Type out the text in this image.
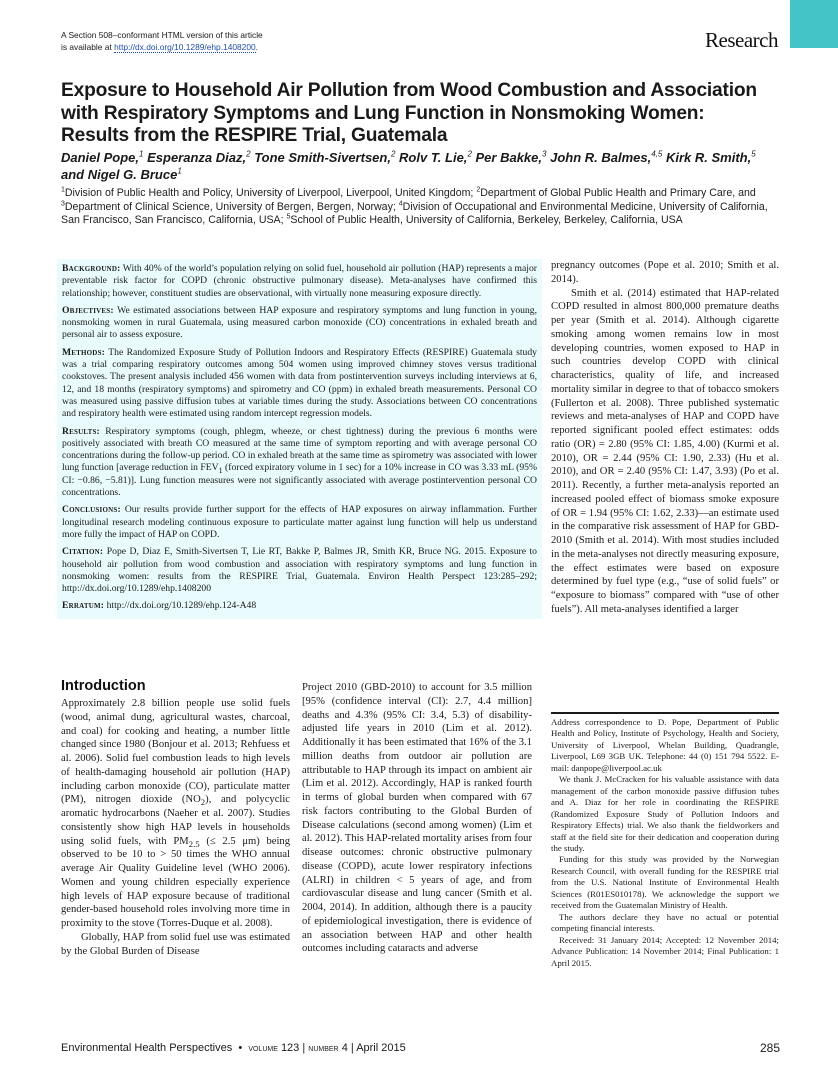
A Section 508–conformant HTML version of this article
is available at http://dx.doi.org/10.1289/ehp.1408200.	Research
Exposure to Household Air Pollution from Wood Combustion and Association with Respiratory Symptoms and Lung Function in Nonsmoking Women: Results from the RESPIRE Trial, Guatemala
Daniel Pope,$^1$ Esperanza Diaz,$^2$ Tone Smith-Sivertsen,$^2$ Rolv T. Lie,$^2$ Per Bakke,$^3$ John R. Balmes,$^{4,5}$ Kirk R. Smith,$^5$
and Nigel G. Bruce$^1$
$^1$Division of Public Health and Policy, University of Liverpool, Liverpool, United Kingdom; $^2$Department of Global Public Health and Primary Care, and $^3$Department of Clinical Science, University of Bergen, Bergen, Norway; $^4$Division of Occupational and Environmental Medicine, University of California, San Francisco, San Francisco, California, USA; $^5$School of Public Health, University of California, Berkeley, Berkeley, California, USA

Background: With 40% of the world’s population relying on solid fuel, household air pollution (HAP) represents a major preventable risk factor for COPD (chronic obstructive pulmonary disease). Meta-analyses have confirmed this relationship; however, constituent studies are observational, with virtually none measuring exposure directly.

Objectives: We estimated associations between HAP exposure and respiratory symptoms and lung function in young, nonsmoking women in rural Guatemala, using measured carbon monoxide (CO) concentrations in exhaled breath and personal air to assess exposure.

Methods: The Randomized Exposure Study of Pollution Indoors and Respiratory Effects (RESPIRE) Guatemala study was a trial comparing respiratory outcomes among 504 women using improved chimney stoves versus traditional cookstoves. The present analysis included 456 women with data from postintervention surveys including interviews at 6, 12, and 18 months (respiratory symptoms) and spirometry and CO (ppm) in exhaled breath measurements. Personal CO was measured using passive diffusion tubes at variable times during the study. Associations between CO concentrations and respiratory health were estimated using random intercept regression models.

Results: Respiratory symptoms (cough, phlegm, wheeze, or chest tightness) during the previous 6 months were positively associated with breath CO measured at the same time of symptom reporting and with average personal CO concentrations during the follow-up period. CO in exhaled breath at the same time as spirometry was associated with lower lung function [average reduction in $FEV_1$ (forced expiratory volume in 1 sec) for a 10% increase in CO was 3.33 mL (95% CI: −0.86, −5.81)]. Lung function measures were not significantly associated with average postintervention personal CO concentrations.

Conclusions: Our results provide further support for the effects of HAP exposures on airway inflammation. Further longitudinal research modeling continuous exposure to particulate matter against lung function will help us understand more fully the impact of HAP on COPD.

Citation: Pope D, Diaz E, Smith-Sivertsen T, Lie RT, Bakke P, Balmes JR, Smith KR, Bruce NG. 2015. Exposure to household air pollution from wood combustion and association with respiratory symptoms and lung function in nonsmoking women: results from the RESPIRE Trial, Guatemala. Environ Health Perspect 123:285–292; http://dx.doi.org/10.1289/ehp.1408200

Erratum: http://dx.doi.org/10.1289/ehp.124-A48

Introduction

Approximately 2.8 billion people use solid fuels (wood, animal dung, agricultural wastes, charcoal, and coal) for cooking and heating, a number little changed since 1980 (Bonjour et al. 2013; Rehfuess et al. 2006). Solid fuel combustion leads to high levels of health-damaging household air pollution (HAP) including carbon monoxide (CO), particulate matter (PM), nitrogen dioxide $(NO_2)$, and polycyclic aromatic hydrocarbons (Naeher et al. 2007). Studies consistently show high HAP levels in households using solid fuels, with $PM_{2.5}$ (≤ 2.5 μm) being observed to be 10 to > 50 times the WHO annual average Air Quality Guideline level (WHO 2006). Women and young children especially experience high levels of HAP exposure because of traditional gender-based household roles involving more time in proximity to the stove (Torres-Duque et al. 2008).

Globally, HAP from solid fuel use was estimated by the Global Burden of Disease

Project 2010 (GBD-2010) to account for 3.5 million [95% (confidence interval (CI): 2.7, 4.4 million] deaths and 4.3% (95% CI: 3.4, 5.3) of disability-adjusted life years in 2010 (Lim et al. 2012). Additionally it has been estimated that 16% of the 3.1 million deaths from outdoor air pollution are attributable to HAP through its impact on ambient air (Lim et al. 2012). Accordingly, HAP is ranked fourth in terms of global burden when compared with 67 risk factors contributing to the Global Burden of Disease calculations (second among women) (Lim et al. 2012). This HAP-related mortality arises from four disease outcomes: chronic obstructive pulmonary disease (COPD), acute lower respiratory infections (ALRI) in children < 5 years of age, and from cardiovascular disease and lung cancer (Smith et al. 2004, 2014). In addition, although there is a paucity of epidemiological investigation, there is evidence of an association between HAP and other health outcomes including cataracts and adverse

pregnancy outcomes (Pope et al. 2010; Smith et al. 2014).

Smith et al. (2014) estimated that HAP-related COPD resulted in almost 800,000 premature deaths per year (Smith et al. 2014). Although cigarette smoking among women remains low in most developing countries, women exposed to HAP in such countries develop COPD with clinical characteristics, quality of life, and increased mortality similar in degree to that of tobacco smokers (Fullerton et al. 2008). Three published systematic reviews and meta-analyses of HAP and COPD have reported significant pooled effect estimates: odds ratio (OR) = 2.80 (95% CI: 1.85, 4.00) (Kurmi et al. 2010), OR = 2.44 (95% CI: 1.90, 2.33) (Hu et al. 2010), and OR = 2.40 (95% CI: 1.47, 3.93) (Po et al. 2011). Recently, a further meta-analysis reported an increased pooled effect of biomass smoke exposure of OR = 1.94 (95% CI: 1.62, 2.33)—an estimate used in the comparative risk assessment of HAP for GBD-2010 (Smith et al. 2014). With most studies included in the meta-analyses not directly measuring exposure, the effect estimates were based on exposure determined by fuel type (e.g., “use of solid fuels” or “exposure to biomass” compared with “use of other fuels”). All meta-analyses identified a larger

Address correspondence to D. Pope, Department of Public Health and Policy, Institute of Psychology, Health and Society, University of Liverpool, Whelan Building, Quadrangle, Liverpool, L69 3GB UK. Telephone: 44 (0) 151 794 5522. E-mail: danpope@liverpool.ac.uk

We thank J. McCracken for his valuable assistance with data management of the carbon monoxide passive diffusion tubes and A. Diaz for her role in coordinating the RESPIRE (Randomized Exposure Study of Pollution Indoors and Respiratory Effects) trial. We also thank the fieldworkers and staff at the field site for their dedication and cooperation during the study.

Funding for this study was provided by the Norwegian Research Council, with overall funding for the RESPIRE trial from the U.S. National Institute of Environmental Health Sciences (R01ES010178). We acknowledge the support we received from the Guatemalan Ministry of Health.

The authors declare they have no actual or potential competing financial interests.

Received: 31 January 2014; Accepted: 12 November 2014; Advance Publication: 14 November 2014; Final Publication: 1 April 2015.

Environmental Health Perspectives • volume 123 | number 4 | April 2015	285
